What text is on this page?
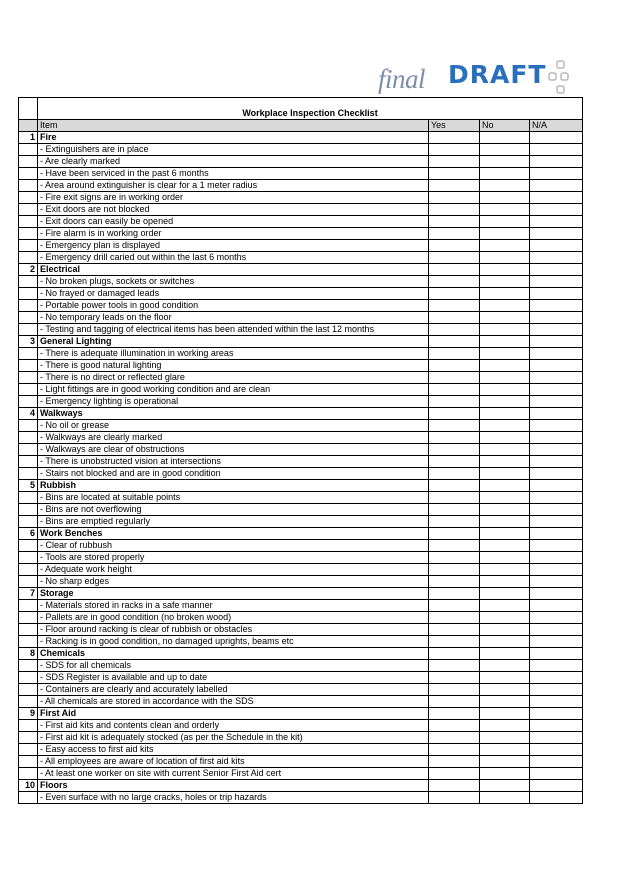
final DRAFT
	Workplace Inspection Checklist			
	Item	Yes	No	N/A
1	Fire			
	- Extinguishers are in place			
	- Are clearly marked			
	- Have been serviced in the past 6 months			
	- Area around extinguisher is clear for a 1 meter radius			
	- Fire exit signs are in working order			
	- Exit doors are not blocked			
	- Exit doors can easily be opened			
	- Fire alarm is in working order			
	- Emergency plan is displayed			
	- Emergency drill caried out within the last 6 months			
2	Electrical			
	- No broken plugs, sockets or switches			
	- No frayed or damaged leads			
	- Portable power tools in good condition			
	- No temporary leads on the floor			
	- Testing and tagging of electrical items has been attended within the last 12 months			
3	General Lighting			
	- There is adequate illumination in working areas			
	- There is good natural lighting			
	- There is no direct or reflected glare			
	- Light fittings are in good working condition and are clean			
	- Emergency lighting is operational			
4	Walkways			
	- No oil or grease			
	- Walkways are clearly marked			
	- Walkways are clear of obstructions			
	- There is unobstructed vision at intersections			
	- Stairs not blocked and are in good condition			
5	Rubbish			
	- Bins are located at suitable points			
	- Bins are not overflowing			
	- Bins are emptied regularly			
6	Work Benches			
	- Clear of rubbush			
	- Tools are stored properly			
	- Adequate work height			
	- No sharp edges			
7	Storage			
	- Materials stored in racks in a safe manner			
	- Pallets are in good condition (no broken wood)			
	- Floor around racking is clear of rubbish or obstacles			
	- Racking is in good condition, no damaged uprights, beams etc			
8	Chemicals			
	- SDS for all chemicals			
	- SDS Register is available and up to date			
	- Containers are clearly and accurately labelled			
	- All chemicals are stored in accordance with the SDS			
9	First Aid			
	- First aid kits and contents clean and orderly			
	- First aid kit is adequately stocked (as per the Schedule in the kit)			
	- Easy access to first aid kits			
	- All employees are aware of location of first aid kits			
	- At least one worker on site with current Senior First Aid cert			
10	Floors			
	- Even surface with no large cracks, holes or trip hazards			
